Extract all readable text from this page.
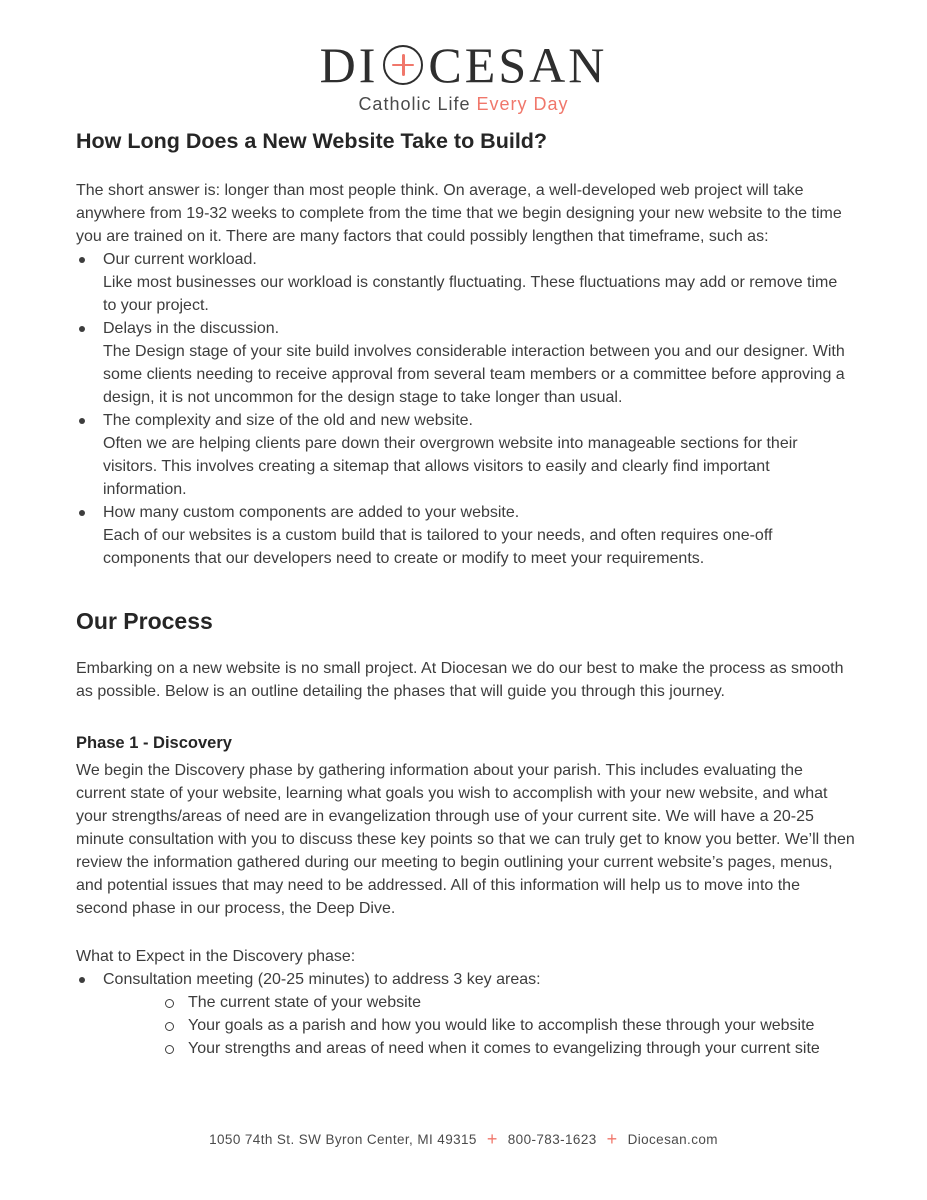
DI CESAN
Catholic Life Every Day
How Long Does a New Website Take to Build?

The short answer is: longer than most people think. On average, a well-developed web project will take anywhere from 19-32 weeks to complete from the time that we begin designing your new website to the time you are trained on it. There are many factors that could possibly lengthen that timeframe, such as:

Our current workload.
Like most businesses our workload is constantly fluctuating. These fluctuations may add or remove time to your project.
Delays in the discussion.
The Design stage of your site build involves considerable interaction between you and our designer. With some clients needing to receive approval from several team members or a committee before approving a design, it is not uncommon for the design stage to take longer than usual.
The complexity and size of the old and new website.
Often we are helping clients pare down their overgrown website into manageable sections for their visitors. This involves creating a sitemap that allows visitors to easily and clearly find important information.
How many custom components are added to your website.
Each of our websites is a custom build that is tailored to your needs, and often requires one-off components that our developers need to create or modify to meet your requirements.
Our Process

Embarking on a new website is no small project. At Diocesan we do our best to make the process as smooth as possible. Below is an outline detailing the phases that will guide you through this journey.

Phase 1 - Discovery

We begin the Discovery phase by gathering information about your parish. This includes evaluating the current state of your website, learning what goals you wish to accomplish with your new website, and what your strengths/areas of need are in evangelization through use of your current site. We will have a 20-25 minute consultation with you to discuss these key points so that we can truly get to know you better. We’ll then review the information gathered during our meeting to begin outlining your current website’s pages, menus, and potential issues that may need to be addressed. All of this information will help us to move into the second phase in our process, the Deep Dive.

What to Expect in the Discovery phase:

Consultation meeting (20-25 minutes) to address 3 key areas:
The current state of your website
Your goals as a parish and how you would like to accomplish these through your website
Your strengths and areas of need when it comes to evangelizing through your current site
1050 74th St. SW Byron Center, MI 49315 + 800-783-1623 + Diocesan.com
